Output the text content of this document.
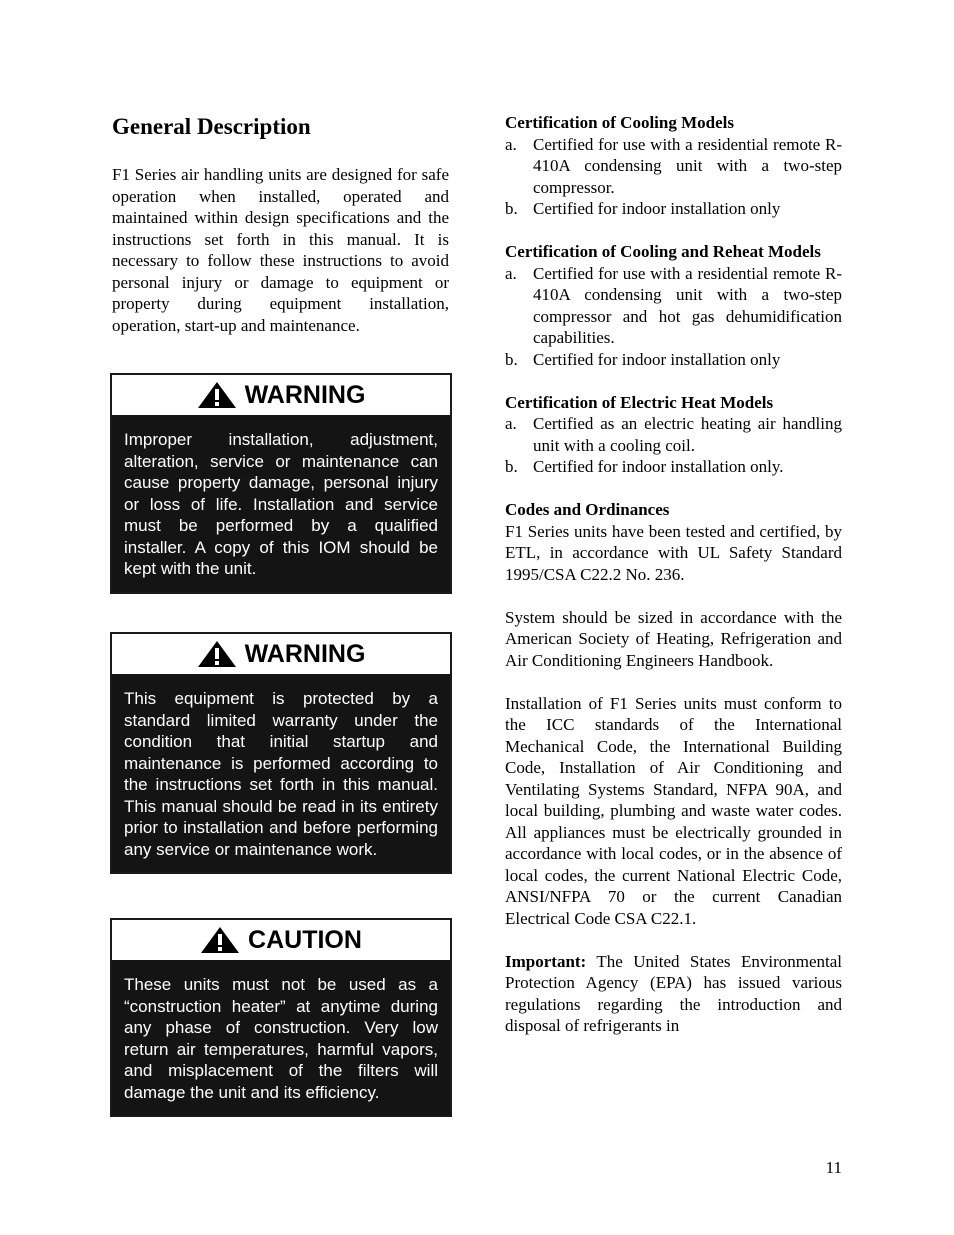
General Description

F1 Series air handling units are designed for safe operation when installed, operated and maintained within design specifications and the instructions set forth in this manual. It is necessary to follow these instructions to avoid personal injury or damage to equipment or property during equipment installation, operation, start-up and maintenance.

WARNING
Improper installation, adjustment, alteration, service or maintenance can cause property damage, personal injury or loss of life. Installation and service must be performed by a qualified installer. A copy of this IOM should be kept with the unit.
WARNING
This equipment is protected by a standard limited warranty under the condition that initial startup and maintenance is performed according to the instructions set forth in this manual. This manual should be read in its entirety prior to installation and before performing any service or maintenance work.
CAUTION
These units must not be used as a “construction heater” at anytime during any phase of construction. Very low return air temperatures, harmful vapors, and misplacement of the filters will damage the unit and its efficiency.
Certification of Cooling Models
a. Certified for use with a residential remote R-410A condensing unit with a two-step compressor.
b. Certified for indoor installation only
Certification of Cooling and Reheat Models
a. Certified for use with a residential remote R-410A condensing unit with a two-step compressor and hot gas dehumidification capabilities.
b. Certified for indoor installation only
Certification of Electric Heat Models
a. Certified as an electric heating air handling unit with a cooling coil.
b. Certified for indoor installation only.
Codes and Ordinances

F1 Series units have been tested and certified, by ETL, in accordance with UL Safety Standard 1995/CSA C22.2 No. 236.

System should be sized in accordance with the American Society of Heating, Refrigeration and Air Conditioning Engineers Handbook.

Installation of F1 Series units must conform to the ICC standards of the International Mechanical Code, the International Building Code, Installation of Air Conditioning and Ventilating Systems Standard, NFPA 90A, and local building, plumbing and waste water codes. All appliances must be electrically grounded in accordance with local codes, or in the absence of local codes, the current National Electric Code, ANSI/NFPA 70 or the current Canadian Electrical Code CSA C22.1.

Important: The United States Environmental Protection Agency (EPA) has issued various regulations regarding the introduction and disposal of refrigerants in

11
